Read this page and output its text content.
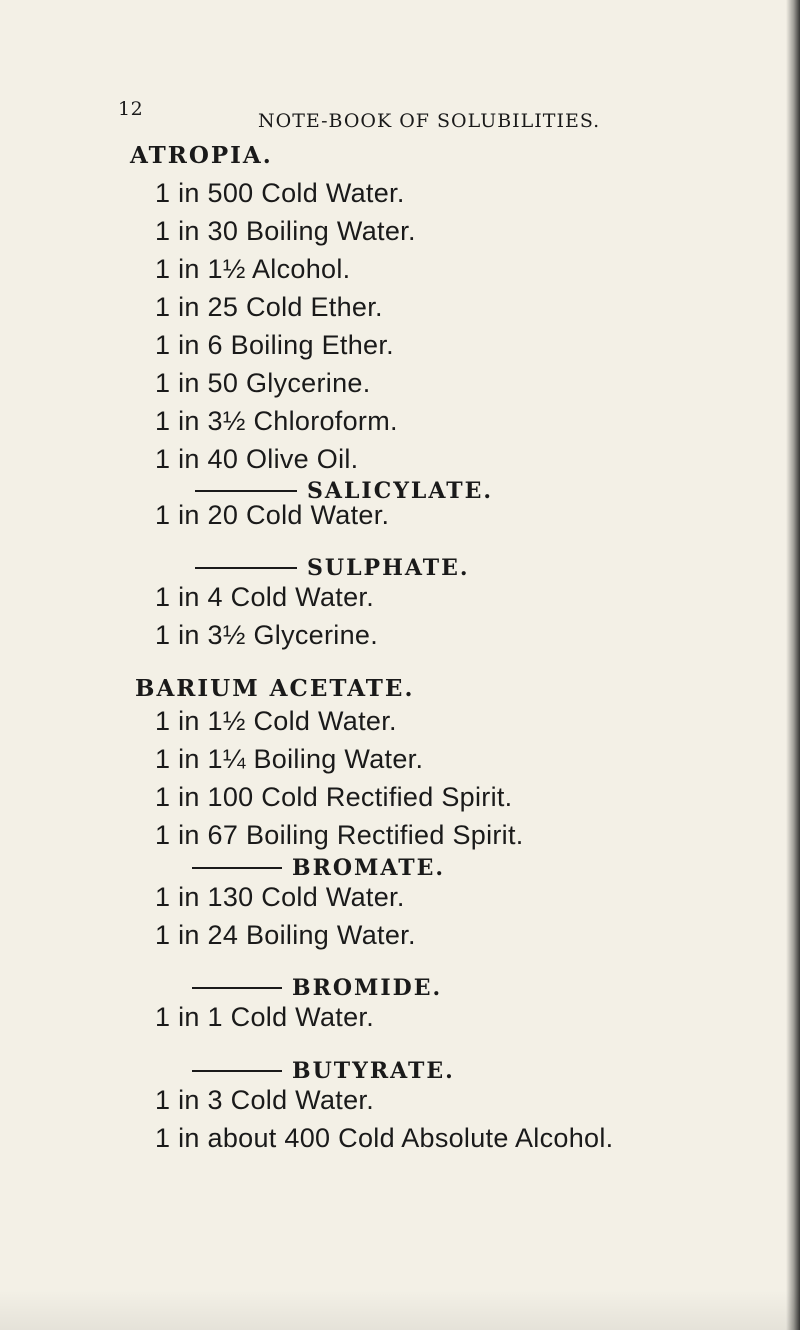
12
NOTE-BOOK OF SOLUBILITIES.
ATROPIA.
1 in 500 Cold Water.
1 in 30 Boiling Water.
1 in 1½ Alcohol.
1 in 25 Cold Ether.
1 in 6 Boiling Ether.
1 in 50 Glycerine.
1 in 3½ Chloroform.
1 in 40 Olive Oil.
SALICYLATE.
1 in 20 Cold Water.
SULPHATE.
1 in 4 Cold Water.
1 in 3½ Glycerine.
BARIUM ACETATE.
1 in 1½ Cold Water.
1 in 1¼ Boiling Water.
1 in 100 Cold Rectified Spirit.
1 in 67 Boiling Rectified Spirit.
BROMATE.
1 in 130 Cold Water.
1 in 24 Boiling Water.
BROMIDE.
1 in 1 Cold Water.
BUTYRATE.
1 in 3 Cold Water.
1 in about 400 Cold Absolute Alcohol.
